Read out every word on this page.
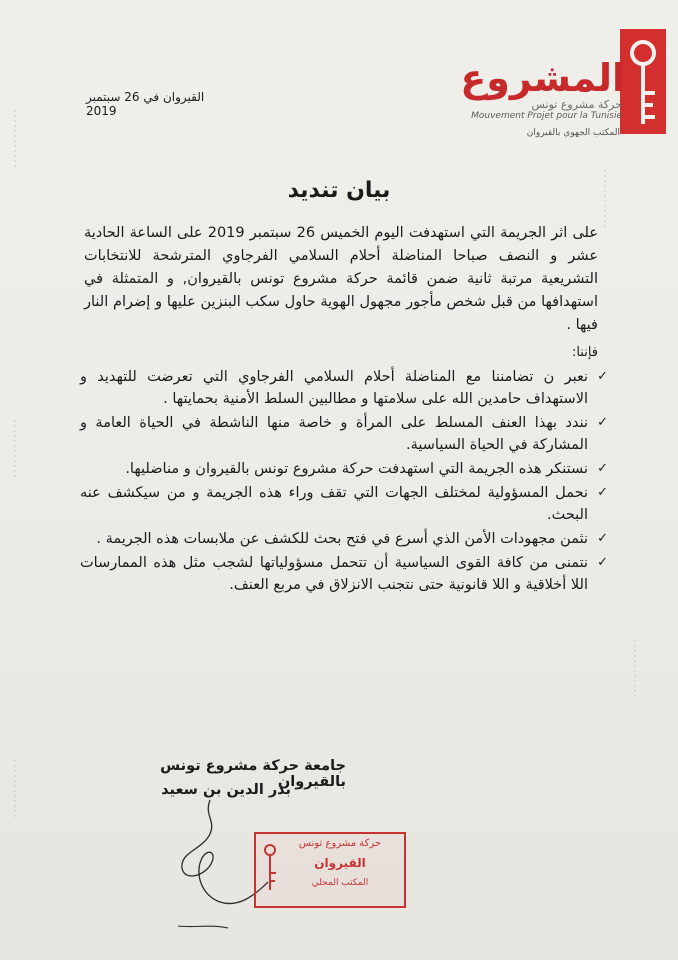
القيروان في 26 سبتمبر 2019
المشروع
حركة مشروع تونس
Mouvement Projet pour la Tunisie
المكتب الجهوي بالقيروان
بيان تنديد
على اثر الجريمة التي استهدفت اليوم الخميس 26 سبتمبر 2019 على الساعة الحادية عشر و النصف صباحا المناضلة أحلام السلامي الفرجاوي المترشحة للانتخابات التشريعية مرتبة ثانية ضمن قائمة حركة مشروع تونس بالقيروان, و المتمثلة في استهدافها من قبل شخص مأجور مجهول الهوية حاول سكب البنزين عليها و إضرام النار فيها .
فإننا:
✓
نعبر ن تضامننا مع المناضلة أحلام السلامي الفرجاوي التي تعرضت للتهديد و الاستهداف حامدين الله على سلامتها و مطالبين السلط الأمنية بحمايتها .
✓
نندد بهذا العنف المسلط على المرأة و خاصة منها الناشطة في الحياة العامة و المشاركة في الحياة السياسية.
✓
نستنكر هذه الجريمة التي استهدفت حركة مشروع تونس بالقيروان و مناضليها.
✓
نحمل المسؤولية لمختلف الجهات التي تقف وراء هذه الجريمة و من سيكشف عنه البحث.
✓
نثمن مجهودات الأمن الذي أسرع في فتح بحث للكشف عن ملابسات هذه الجريمة .
✓
نتمنى من كافة القوى السياسية أن تتحمل مسؤولياتها لشجب مثل هذه الممارسات اللا أخلاقية و اللا قانونية حتى نتجنب الانزلاق في مربع العنف.
جامعة حركة مشروع تونس بالقيروان
بدر الدين بن سعيد
حركة مشروع تونس
القيروان
المكتب المحلي
